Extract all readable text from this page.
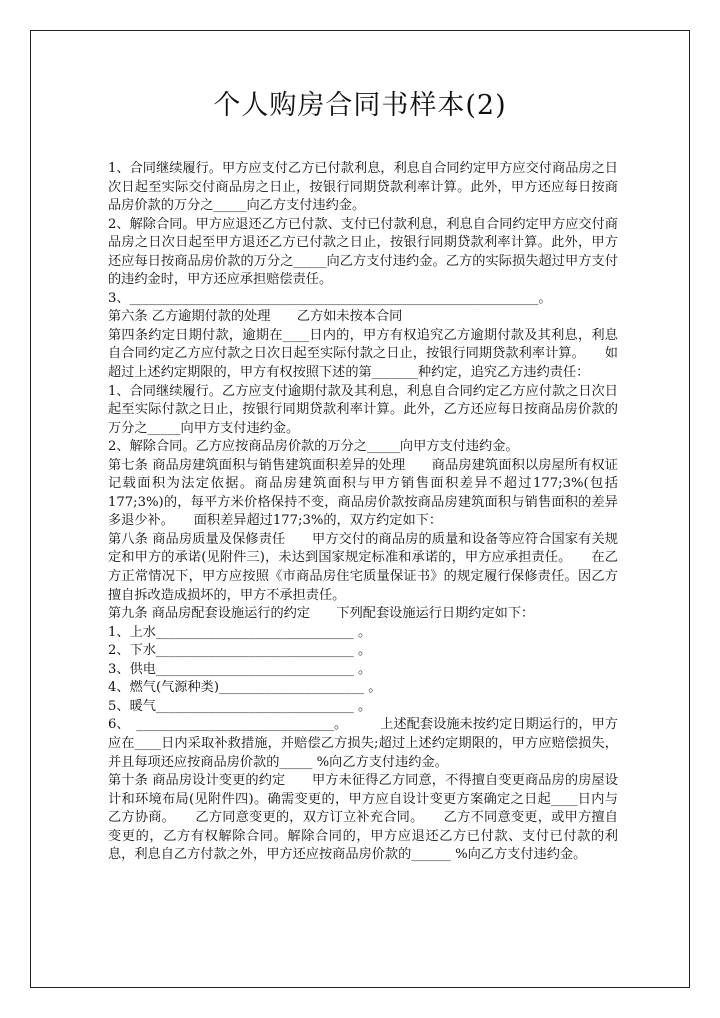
个人购房合同书样本(2)

1、合同继续履行。甲方应支付乙方已付款利息，利息自合同约定甲方应交付商品房之日次日起至实际交付商品房之日止，按银行同期贷款利率计算。此外，甲方还应每日按商品房价款的万分之_____向乙方支付违约金。

2、解除合同。甲方应退还乙方已付款、支付已付款利息，利息自合同约定甲方应交付商品房之日次日起至甲方退还乙方已付款之日止，按银行同期贷款利率计算。此外，甲方还应每日按商品房价款的万分之_____向乙方支付违约金。乙方的实际损失超过甲方支付的违约金时，甲方还应承担赔偿责任。

3、______________________________________________________________。

第六条 乙方逾期付款的处理　　乙方如未按本合同

第四条约定日期付款，逾期在____日内的，甲方有权追究乙方逾期付款及其利息，利息自合同约定乙方应付款之日次日起至实际付款之日止，按银行同期贷款利率计算。　　如超过上述约定期限的，甲方有权按照下述的第_______种约定，追究乙方违约责任：

1、合同继续履行。乙方应支付逾期付款及其利息，利息自合同约定乙方应付款之日次日起至实际付款之日止，按银行同期贷款利率计算。此外，乙方还应每日按商品房价款的万分之_____向甲方支付违约金。

2、解除合同。乙方应按商品房价款的万分之_____向甲方支付违约金。

第七条 商品房建筑面积与销售建筑面积差异的处理　　商品房建筑面积以房屋所有权证记载面积为法定依据。商品房建筑面积与甲方销售面积差异不超过177;3%(包括177;3%)的，每平方米价格保持不变，商品房价款按商品房建筑面积与销售面积的差异多退少补。　　面积差异超过177;3%的，双方约定如下：

第八条 商品房质量及保修责任　　甲方交付的商品房的质量和设备等应符合国家有关规定和甲方的承诺(见附件三)，未达到国家规定标准和承诺的，甲方应承担责任。　　在乙方正常情况下，甲方应按照《市商品房住宅质量保证书》的规定履行保修责任。因乙方擅自拆改造成损坏的，甲方不承担责任。

第九条 商品房配套设施运行的约定　　下列配套设施运行日期约定如下：

1、上水______________________________ 。

2、下水______________________________ 。

3、供电______________________________ 。

4、燃气(气源种类)______________________ 。

5、暖气______________________________ 。

6、　______________________________。　　　上述配套设施未按约定日期运行的，甲方应在____日内采取补救措施，并赔偿乙方损失;超过上述约定期限的，甲方应赔偿损失，并且每项还应按商品房价款的_____ %向乙方支付违约金。

第十条 商品房设计变更的约定　　甲方未征得乙方同意，不得擅自变更商品房的房屋设计和环境布局(见附件四)。确需变更的，甲方应自设计变更方案确定之日起____日内与乙方协商。　　乙方同意变更的，双方订立补充合同。　　乙方不同意变更，或甲方擅自变更的，乙方有权解除合同。解除合同的，甲方应退还乙方已付款、支付已付款的利息，利息自乙方付款之外，甲方还应按商品房价款的______ %向乙方支付违约金。
